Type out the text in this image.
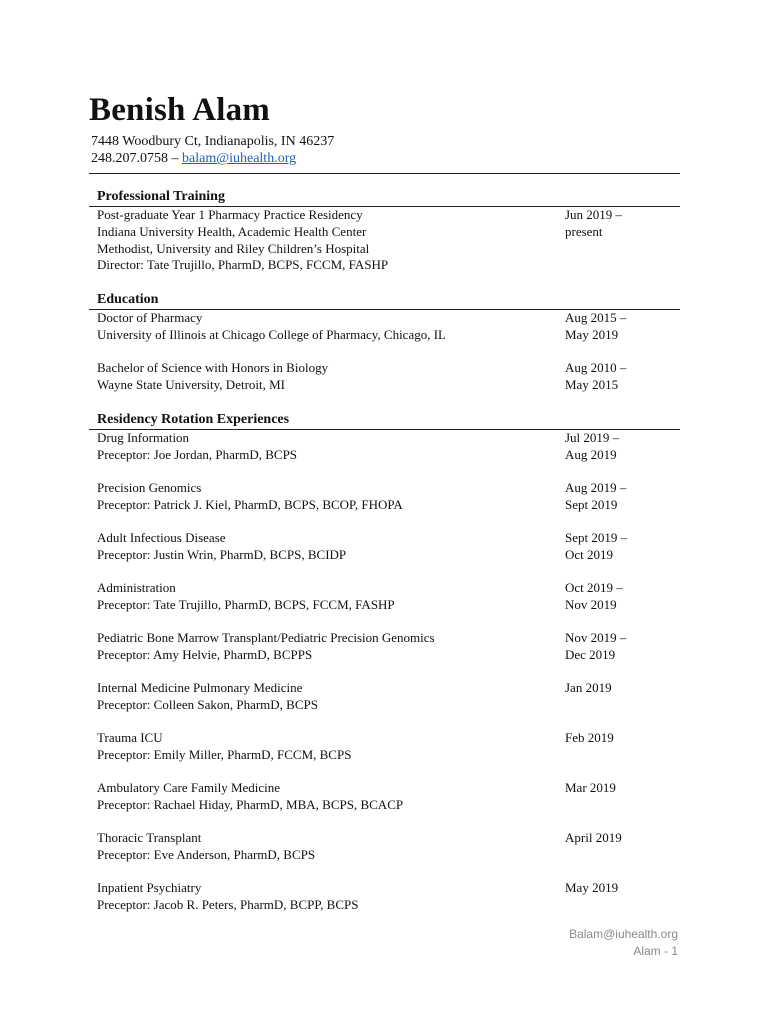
Benish Alam
7448 Woodbury Ct, Indianapolis, IN 46237
248.207.0758 – balam@iuhealth.org
Professional Training
Post-graduate Year 1 Pharmacy Practice Residency
Indiana University Health, Academic Health Center
Methodist, University and Riley Children’s Hospital
Director: Tate Trujillo, PharmD, BCPS, FCCM, FASHP
Jun 2019 –
present
Education
Doctor of Pharmacy
University of Illinois at Chicago College of Pharmacy, Chicago, IL
Aug 2015 –
May 2019
Bachelor of Science with Honors in Biology
Wayne State University, Detroit, MI
Aug 2010 –
May 2015
Residency Rotation Experiences
Drug Information
Preceptor: Joe Jordan, PharmD, BCPS
Jul 2019 –
Aug 2019
Precision Genomics
Preceptor: Patrick J. Kiel, PharmD, BCPS, BCOP, FHOPA
Aug 2019 –
Sept 2019
Adult Infectious Disease
Preceptor: Justin Wrin, PharmD, BCPS, BCIDP
Sept 2019 –
Oct 2019
Administration
Preceptor: Tate Trujillo, PharmD, BCPS, FCCM, FASHP
Oct 2019 –
Nov 2019
Pediatric Bone Marrow Transplant/Pediatric Precision Genomics
Preceptor: Amy Helvie, PharmD, BCPPS
Nov 2019 –
Dec 2019
Internal Medicine Pulmonary Medicine
Preceptor: Colleen Sakon, PharmD, BCPS
Jan 2019
Trauma ICU
Preceptor: Emily Miller, PharmD, FCCM, BCPS
Feb 2019
Ambulatory Care Family Medicine
Preceptor: Rachael Hiday, PharmD, MBA, BCPS, BCACP
Mar 2019
Thoracic Transplant
Preceptor: Eve Anderson, PharmD, BCPS
April 2019
Inpatient Psychiatry
Preceptor: Jacob R. Peters, PharmD, BCPP, BCPS
May 2019
Balam@iuhealth.org
Alam - 1
